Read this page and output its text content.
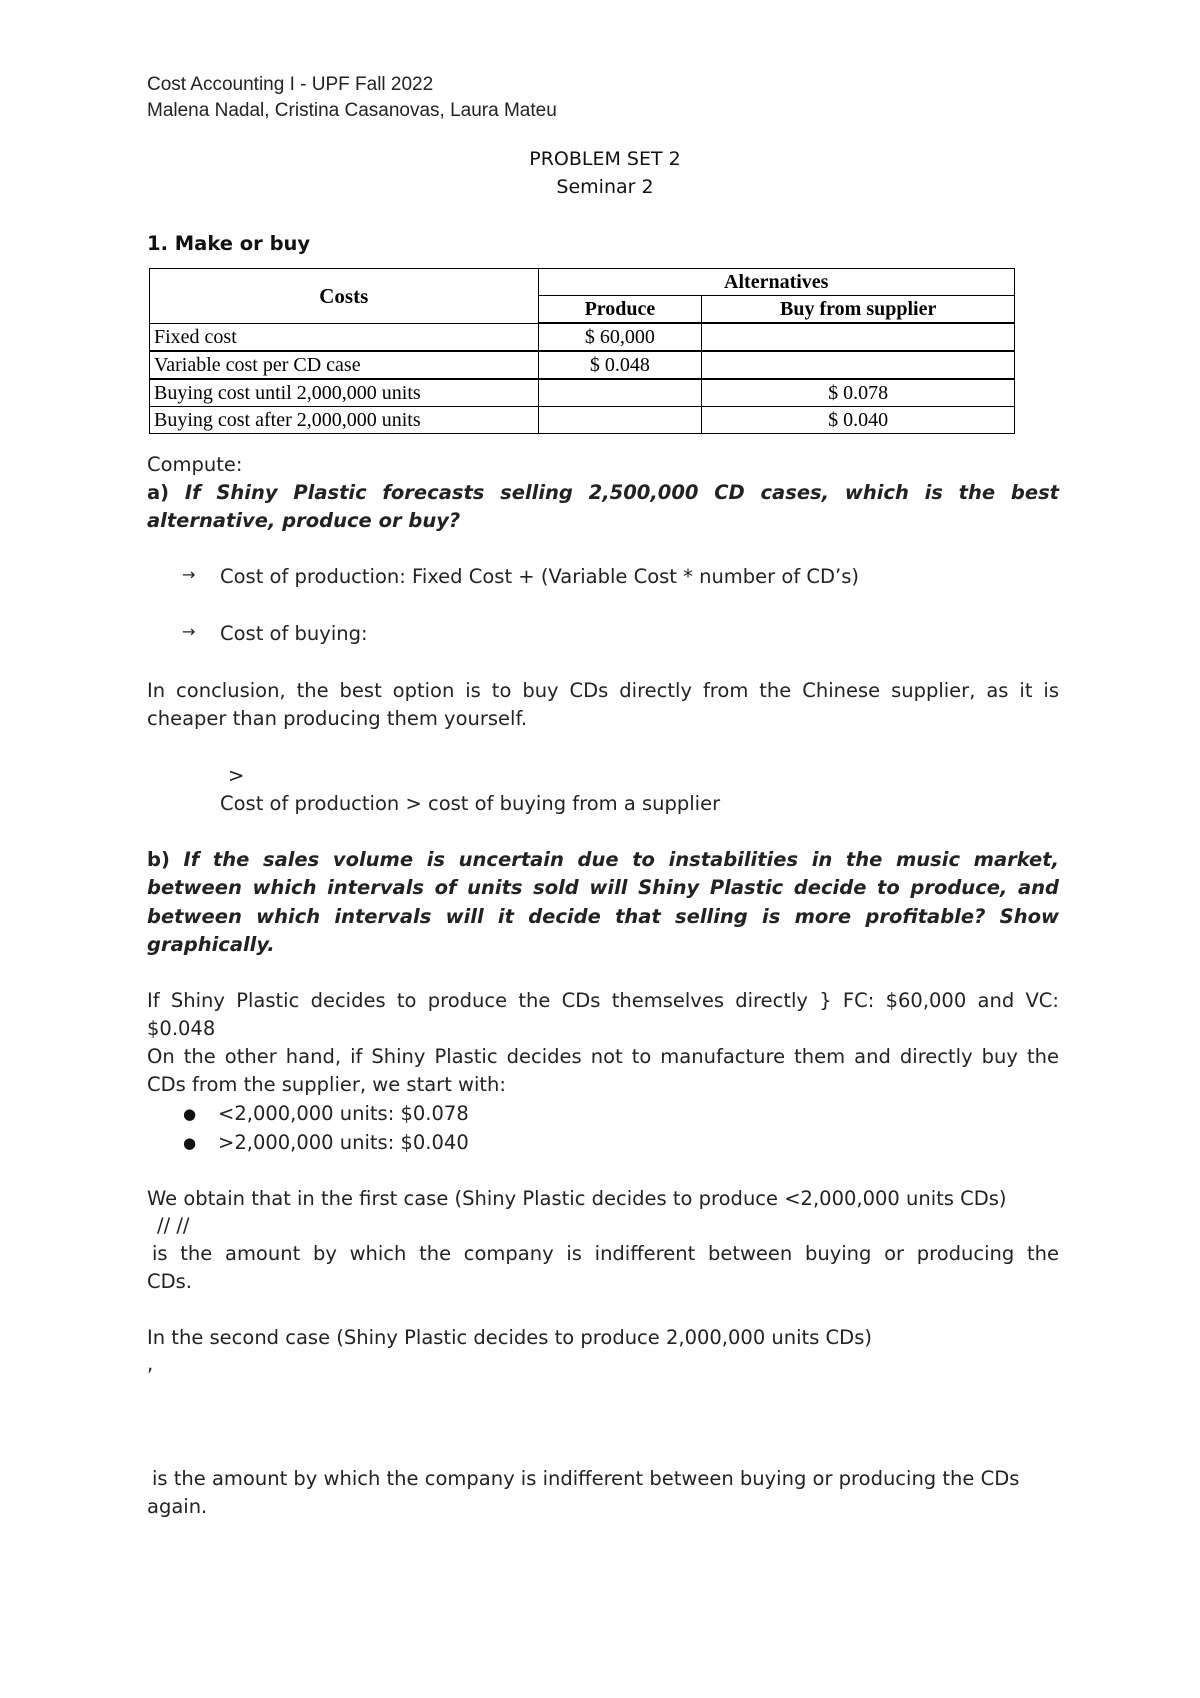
Cost Accounting I - UPF Fall 2022
Malena Nadal, Cristina Casanovas, Laura Mateu
PROBLEM SET 2
Seminar 2
1. Make or buy
Costs	Alternatives	
	Produce	Buy from supplier
Fixed cost	$ 60,000	
Variable cost per CD case	$ 0.048	
Buying cost until 2,000,000 units		$ 0.078
Buying cost after 2,000,000 units		$ 0.040
Compute:
a) If Shiny Plastic forecasts selling 2,500,000 CD cases, which is the best
alternative, produce or buy?
→ Cost of production: Fixed Cost + (Variable Cost * number of CD’s)
→ Cost of buying:
In conclusion, the best option is to buy CDs directly from the Chinese supplier, as it is
cheaper than producing them yourself.
>
Cost of production > cost of buying from a supplier
b) If the sales volume is uncertain due to instabilities in the music market,
between which intervals of units sold will Shiny Plastic decide to produce, and
between which intervals will it decide that selling is more profitable? Show
graphically.
If Shiny Plastic decides to produce the CDs themselves directly } FC: $60,000 and VC:
$0.048
On the other hand, if Shiny Plastic decides not to manufacture them and directly buy the
CDs from the supplier, we start with:
● <2,000,000 units: $0.078
● >2,000,000 units: $0.040
We obtain that in the first case (Shiny Plastic decides to produce <2,000,000 units CDs)
// //
is the amount by which the company is indifferent between buying or producing the
CDs.
In the second case (Shiny Plastic decides to produce 2,000,000 units CDs)
,
is the amount by which the company is indifferent between buying or producing the CDs
again.
